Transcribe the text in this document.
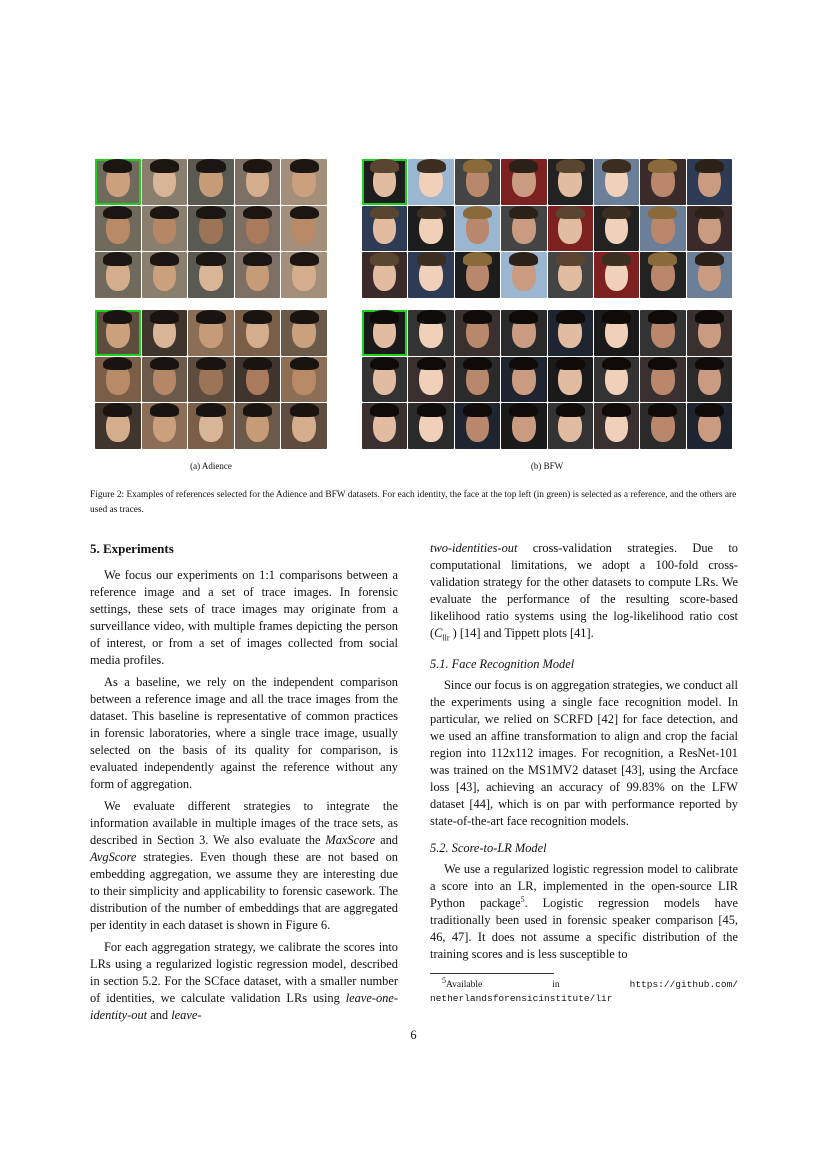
(a) Adience	(b) BFW
Figure 2: Examples of references selected for the Adience and BFW datasets. For each identity, the face at the top left (in green) is selected as a reference, and the others are used as traces.
5. Experiments

We focus our experiments on 1:1 comparisons between a reference image and a set of trace images. In forensic settings, these sets of trace images may originate from a surveillance video, with multiple frames depicting the person of interest, or from a set of images collected from social media profiles.

As a baseline, we rely on the independent comparison between a reference image and all the trace images from the dataset. This baseline is representative of common practices in forensic laboratories, where a single trace image, usually selected on the basis of its quality for comparison, is evaluated independently against the reference without any form of aggregation.

We evaluate different strategies to integrate the information available in multiple images of the trace sets, as described in Section 3. We also evaluate the MaxScore and AvgScore strategies. Even though these are not based on embedding aggregation, we assume they are interesting due to their simplicity and applicability to forensic casework. The distribution of the number of embeddings that are aggregated per identity in each dataset is shown in Figure 6.

For each aggregation strategy, we calibrate the scores into LRs using a regularized logistic regression model, described in section 5.2. For the SCface dataset, with a smaller number of identities, we calculate validation LRs using leave-one-identity-out and leave-

two-identities-out cross-validation strategies. Due to computational limitations, we adopt a 100-fold cross-validation strategy for the other datasets to compute LRs. We evaluate the performance of the resulting score-based likelihood ratio systems using the log-likelihood ratio cost ($C_{llr}$ ) [14] and Tippett plots [41].

5.1. Face Recognition Model

Since our focus is on aggregation strategies, we conduct all the experiments using a single face recognition model. In particular, we relied on SCRFD [42] for face detection, and we used an affine transformation to align and crop the facial region into 112x112 images. For recognition, a ResNet-101 was trained on the MS1MV2 dataset [43], using the Arcface loss [43], achieving an accuracy of 99.83% on the LFW dataset [44], which is on par with performance reported by state-of-the-art face recognition models.

5.2. Score-to-LR Model

We use a regularized logistic regression model to calibrate a score into an LR, implemented in the open-source LIR Python package$^5$. Logistic regression models have traditionally been used in forensic speaker comparison [45, 46, 47]. It does not assume a specific distribution of the training scores and is less susceptible to

$^5$Available	in	https://github.com/
netherlandsforensicinstitute/lir
6
